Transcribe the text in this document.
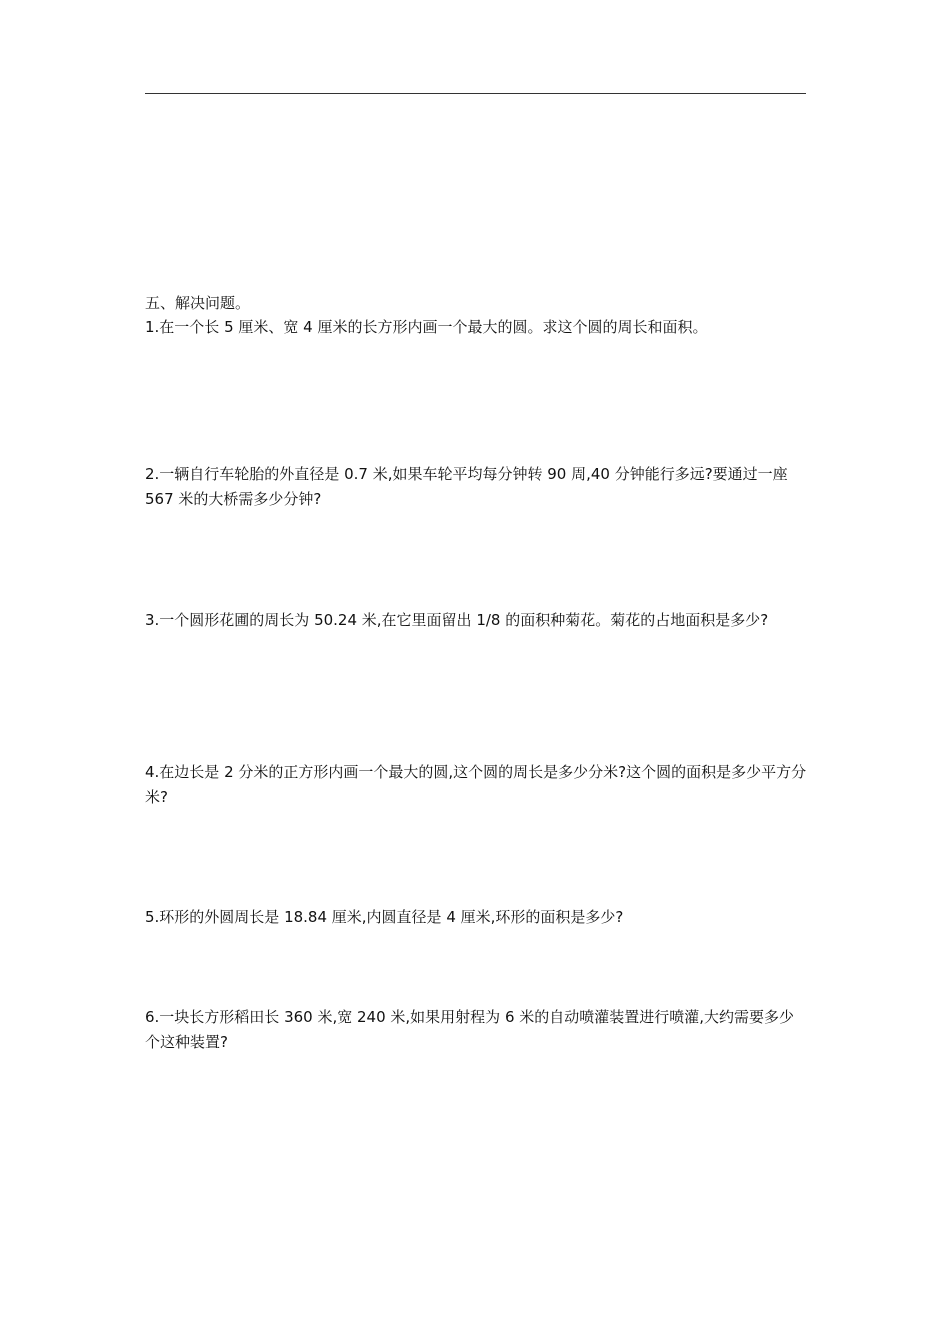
五、解决问题。

1.在一个长 5 厘米、宽 4 厘米的长方形内画一个最大的圆。求这个圆的周长和面积。

2.一辆自行车轮胎的外直径是 0.7 米,如果车轮平均每分钟转 90 周,40 分钟能行多远?要通过一座 567 米的大桥需多少分钟?

3.一个圆形花圃的周长为 50.24 米,在它里面留出 1/8 的面积种菊花。菊花的占地面积是多少?

4.在边长是 2 分米的正方形内画一个最大的圆,这个圆的周长是多少分米?这个圆的面积是多少平方分米?

5.环形的外圆周长是 18.84 厘米,内圆直径是 4 厘米,环形的面积是多少?

6.一块长方形稻田长 360 米,宽 240 米,如果用射程为 6 米的自动喷灌装置进行喷灌,大约需要多少个这种装置?
